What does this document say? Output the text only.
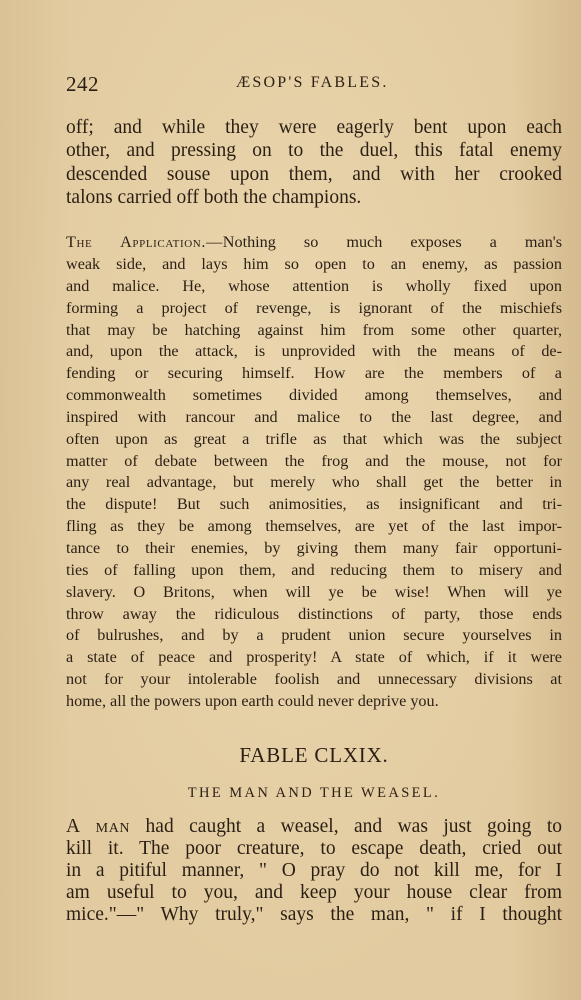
242	ÆSOP'S FABLES.
off; and while they were eagerly bent upon each
other, and pressing on to the duel, this fatal enemy
descended souse upon them, and with her crooked
talons carried off both the champions.
The Application.—Nothing so much exposes a man's
weak side, and lays him so open to an enemy, as passion
and malice. He, whose attention is wholly fixed upon
forming a project of revenge, is ignorant of the mischiefs
that may be hatching against him from some other quarter,
and, upon the attack, is unprovided with the means of de-
fending or securing himself. How are the members of a
commonwealth sometimes divided among themselves, and
inspired with rancour and malice to the last degree, and
often upon as great a trifle as that which was the subject
matter of debate between the frog and the mouse, not for
any real advantage, but merely who shall get the better in
the dispute! But such animosities, as insignificant and tri-
fling as they be among themselves, are yet of the last impor-
tance to their enemies, by giving them many fair opportuni-
ties of falling upon them, and reducing them to misery and
slavery. O Britons, when will ye be wise! When will ye
throw away the ridiculous distinctions of party, those ends
of bulrushes, and by a prudent union secure yourselves in
a state of peace and prosperity! A state of which, if it were
not for your intolerable foolish and unnecessary divisions at
home, all the powers upon earth could never deprive you.
FABLE CLXIX.
THE MAN AND THE WEASEL.
A man had caught a weasel, and was just going to
kill it. The poor creature, to escape death, cried out
in a pitiful manner, " O pray do not kill me, for I
am useful to you, and keep your house clear from
mice."—" Why truly," says the man, " if I thought
